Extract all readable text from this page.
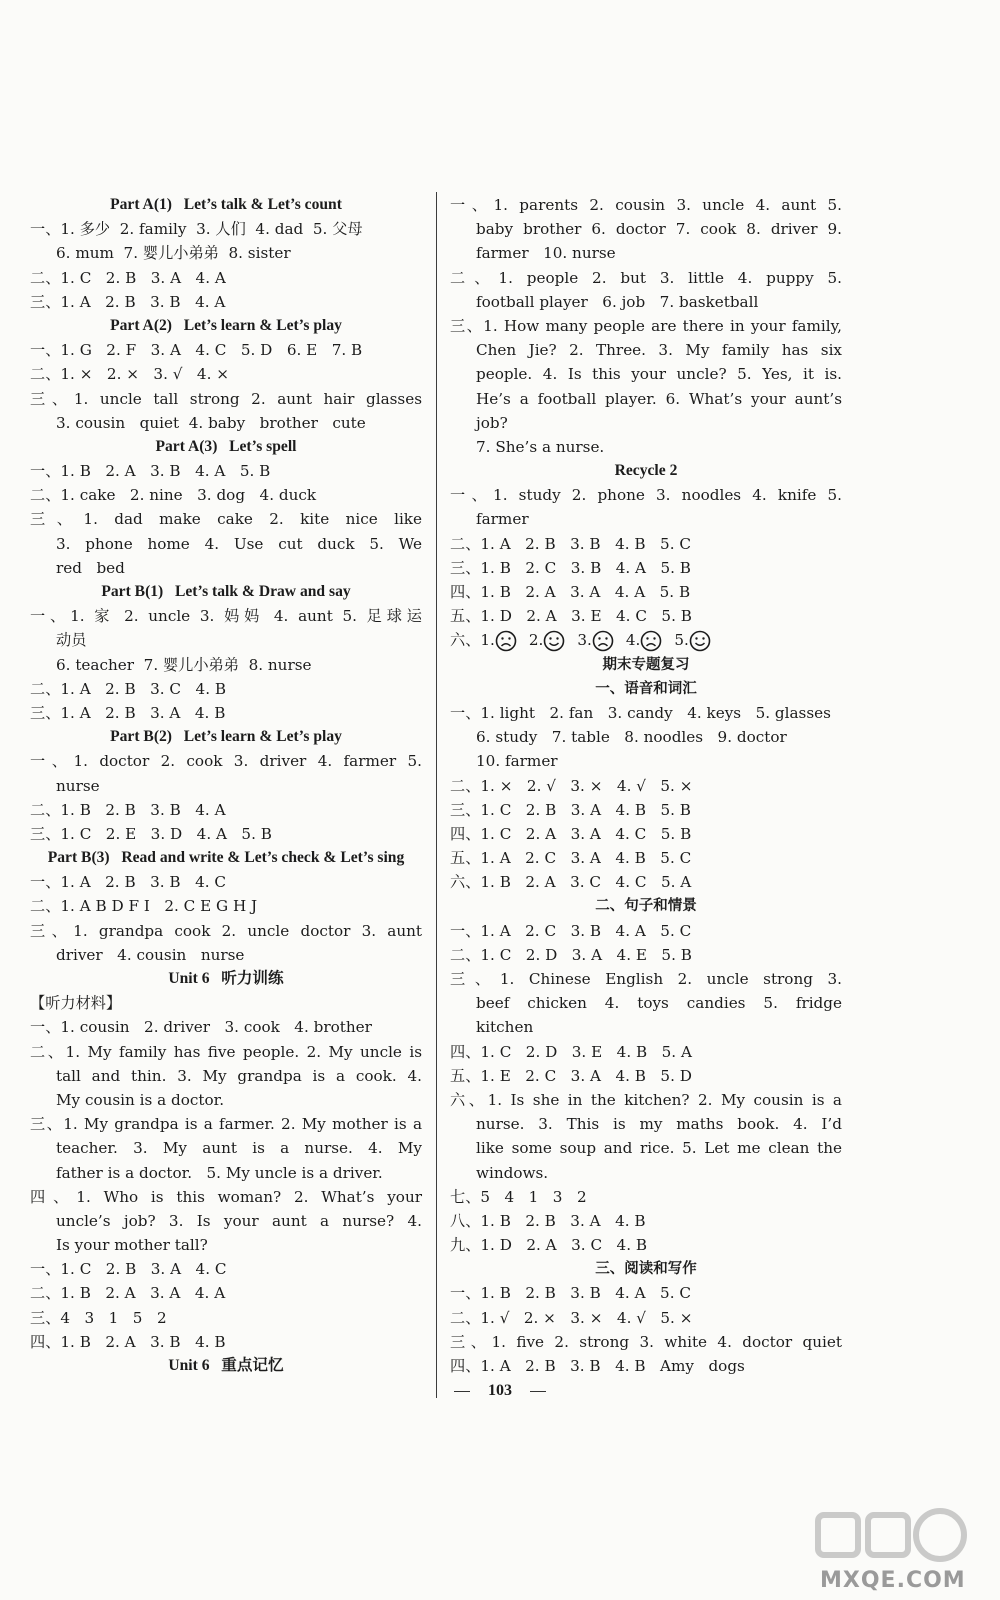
Part A(1)   Let’s talk & Let’s count
一、1. 多少  2. family  3. 人们  4. dad  5. 父母
6. mum  7. 婴儿小弟弟  8. sister
二、1. C   2. B   3. A   4. A
三、1. A   2. B   3. B   4. A
Part A(2)   Let’s learn & Let’s play
一、1. G   2. F   3. A   4. C   5. D   6. E   7. B
二、1. ×   2. ×   3. √   4. ×
三、1. uncle tall strong 2. aunt hair glasses
3. cousin   quiet  4. baby   brother   cute
Part A(3)   Let’s spell
一、1. B   2. A   3. B   4. A   5. B
二、1. cake   2. nine   3. dog   4. duck
三、1. dad make cake 2. kite nice like
3. phone home 4. Use cut duck 5. We
red   bed
Part B(1)   Let’s talk & Draw and say
一、1. 家 2. uncle 3. 妈妈 4. aunt 5. 足球运
动员
6. teacher  7. 婴儿小弟弟  8. nurse
二、1. A   2. B   3. C   4. B
三、1. A   2. B   3. A   4. B
Part B(2)   Let’s learn & Let’s play
一、1. doctor 2. cook 3. driver 4. farmer 5.
nurse
二、1. B   2. B   3. B   4. A
三、1. C   2. E   3. D   4. A   5. B
Part B(3)   Read and write & Let’s check & Let’s sing
一、1. A   2. B   3. B   4. C
二、1. A B D F I   2. C E G H J
三、1. grandpa cook 2. uncle doctor 3. aunt
driver   4. cousin   nurse
Unit 6   听力训练
【听力材料】
一、1. cousin   2. driver   3. cook   4. brother
二、1. My family has five people. 2. My uncle is
tall and thin. 3. My grandpa is a cook. 4.
My cousin is a doctor.
三、1. My grandpa is a farmer. 2. My mother is a
teacher. 3. My aunt is a nurse. 4. My
father is a doctor.   5. My uncle is a driver.
四、1. Who is this woman? 2. What’s your
uncle’s job? 3. Is your aunt a nurse? 4.
Is your mother tall?
一、1. C   2. B   3. A   4. C
二、1. B   2. A   3. A   4. A
三、4   3   1   5   2
四、1. B   2. A   3. B   4. B
Unit 6   重点记忆
一、1. parents 2. cousin 3. uncle 4. aunt 5.
baby brother 6. doctor 7. cook 8. driver 9.
farmer   10. nurse
二、1. people 2. but 3. little 4. puppy 5.
football player   6. job   7. basketball
三、1. How many people are there in your family,
Chen Jie? 2. Three. 3. My family has six
people. 4. Is this your uncle? 5. Yes, it is.
He’s a football player. 6. What’s your aunt’s
job?
7. She’s a nurse.
Recycle 2
一、1. study 2. phone 3. noodles 4. knife 5.
farmer
二、1. A   2. B   3. B   4. B   5. C
三、1. B   2. C   3. B   4. A   5. B
四、1. B   2. A   3. A   4. A   5. B
五、1. D   2. A   3. E   4. C   5. B
六、1. 2. 3. 4. 5.
期末专题复习
一、语音和词汇
一、1. light   2. fan   3. candy   4. keys   5. glasses
6. study   7. table   8. noodles   9. doctor
10. farmer
二、1. ×   2. √   3. ×   4. √   5. ×
三、1. C   2. B   3. A   4. B   5. B
四、1. C   2. A   3. A   4. C   5. B
五、1. A   2. C   3. A   4. B   5. C
六、1. B   2. A   3. C   4. C   5. A
二、句子和情景
一、1. A   2. C   3. B   4. A   5. C
二、1. C   2. D   3. A   4. E   5. B
三、1. Chinese English 2. uncle strong 3.
beef chicken 4. toys candies 5. fridge
kitchen
四、1. C   2. D   3. E   4. B   5. A
五、1. E   2. C   3. A   4. B   5. D
六、1. Is she in the kitchen? 2. My cousin is a
nurse. 3. This is my maths book. 4. I’d
like some soup and rice. 5. Let me clean the
windows.
七、5   4   1   3   2
八、1. B   2. B   3. A   4. B
九、1. D   2. A   3. C   4. B
三、阅读和写作
一、1. B   2. B   3. B   4. A   5. C
二、1. √   2. ×   3. ×   4. √   5. ×
三、1. five 2. strong 3. white 4. doctor quiet
四、1. A   2. B   3. B   4. B   Amy   dogs
103
MXQE.COM
